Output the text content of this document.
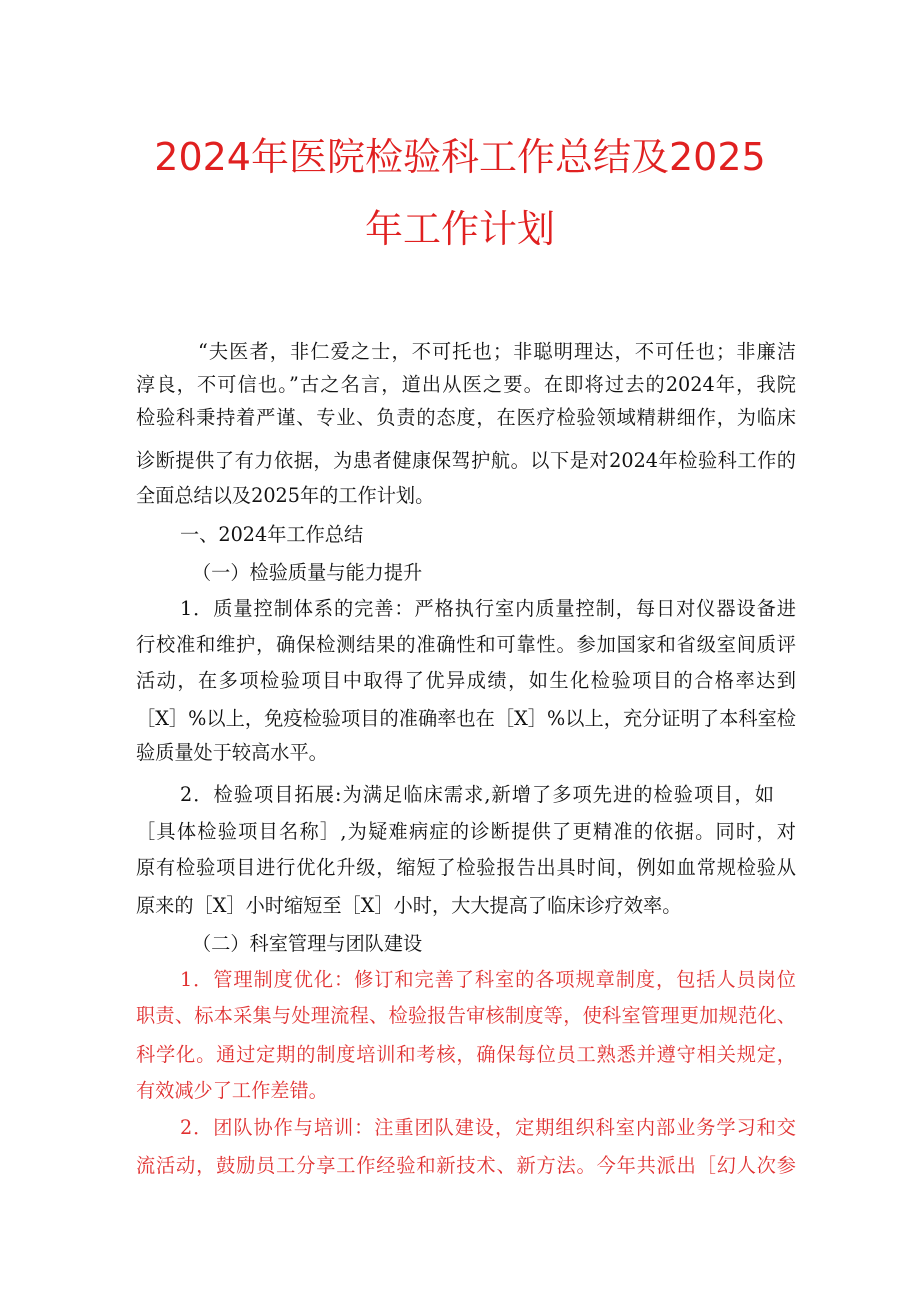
2024年医院检验科工作总结及2025
年工作计划

“夫医者，非仁爱之士，不可托也；非聪明理达，不可任也；非廉洁

淳良，不可信也。”古之名言，道出从医之要。在即将过去的2024年，我院

检验科秉持着严谨、专业、负责的态度，在医疗检验领域精耕细作，为临床

诊断提供了有力依据，为患者健康保驾护航。以下是对2024年检验科工作的

全面总结以及2025年的工作计划。

一、2024年工作总结

（一）检验质量与能力提升

1．质量控制体系的完善：严格执行室内质量控制，每日对仪器设备进

行校准和维护，确保检测结果的准确性和可靠性。参加国家和省级室间质评

活动，在多项检验项目中取得了优异成绩，如生化检验项目的合格率达到

［X］%以上，免疫检验项目的准确率也在［X］%以上，充分证明了本科室检

验质量处于较高水平。

2．检验项目拓展:为满足临床需求,新增了多项先进的检验项目，如

［具体检验项目名称］,为疑难病症的诊断提供了更精准的依据。同时，对

原有检验项目进行优化升级，缩短了检验报告出具时间，例如血常规检验从

原来的［X］小时缩短至［X］小时，大大提高了临床诊疗效率。

（二）科室管理与团队建设

1．管理制度优化：修订和完善了科室的各项规章制度，包括人员岗位

职责、标本采集与处理流程、检验报告审核制度等，使科室管理更加规范化、

科学化。通过定期的制度培训和考核，确保每位员工熟悉并遵守相关规定，

有效减少了工作差错。

2．团队协作与培训：注重团队建设，定期组织科室内部业务学习和交

流活动，鼓励员工分享工作经验和新技术、新方法。今年共派出［幻人次参
